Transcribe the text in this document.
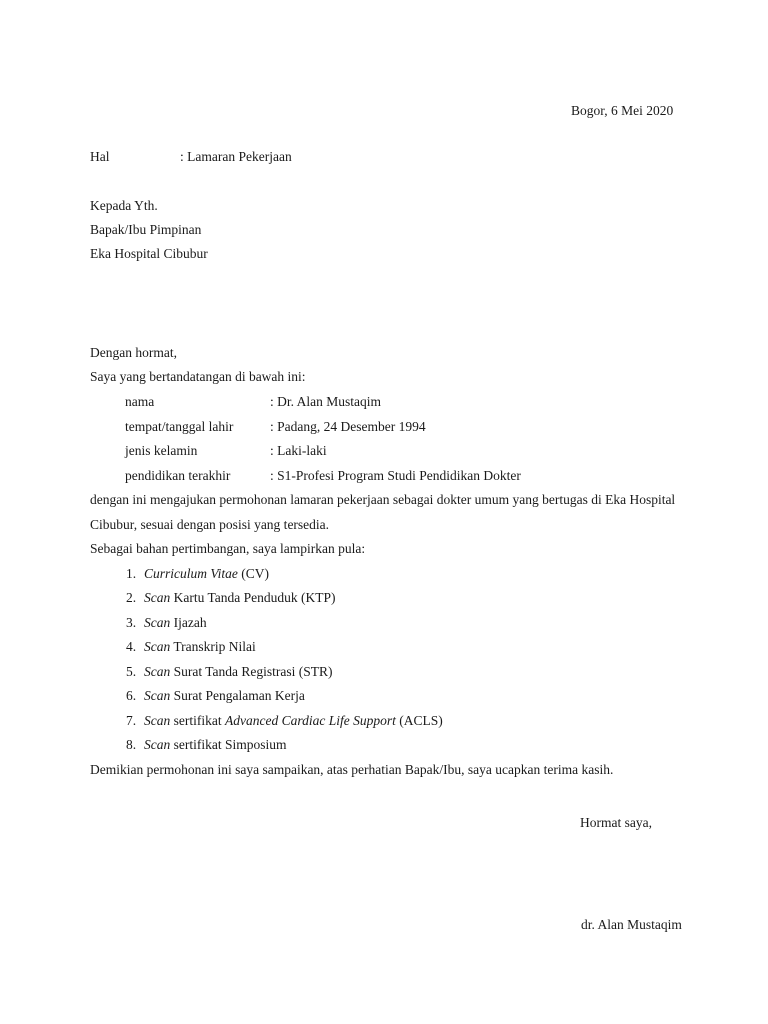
Bogor, 6 Mei 2020
Hal	: Lamaran Pekerjaan
Kepada Yth.
Bapak/Ibu Pimpinan
Eka Hospital Cibubur
Dengan hormat,
Saya yang bertandatangan di bawah ini:
nama	: Dr. Alan Mustaqim
tempat/tanggal lahir	: Padang, 24 Desember 1994
jenis kelamin	: Laki-laki
pendidikan terakhir	: S1-Profesi Program Studi Pendidikan Dokter
dengan ini mengajukan permohonan lamaran pekerjaan sebagai dokter umum yang bertugas di Eka Hospital
Cibubur, sesuai dengan posisi yang tersedia.
Sebagai bahan pertimbangan, saya lampirkan pula:
1. Curriculum Vitae (CV)
2. Scan Kartu Tanda Penduduk (KTP)
3. Scan Ijazah
4. Scan Transkrip Nilai
5. Scan Surat Tanda Registrasi (STR)
6. Scan Surat Pengalaman Kerja
7. Scan sertifikat Advanced Cardiac Life Support (ACLS)
8. Scan sertifikat Simposium
Demikian permohonan ini saya sampaikan, atas perhatian Bapak/Ibu, saya ucapkan terima kasih.
Hormat saya,
dr. Alan Mustaqim
